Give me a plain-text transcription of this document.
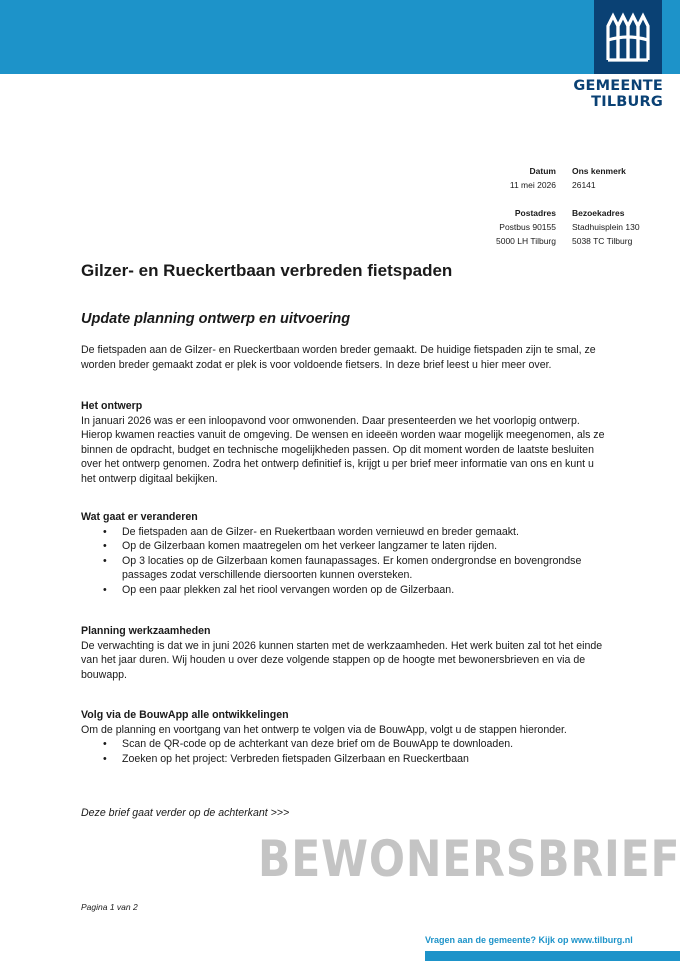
GEMEENTE TILBURG
Datum
11 mei 2026
Ons kenmerk
26141
Postadres
Postbus 90155
5000 LH Tilburg
Bezoekadres
Stadhuisplein 130
5038 TC Tilburg
Gilzer- en Rueckertbaan verbreden fietspaden
Update planning ontwerp en uitvoering

De fietspaden aan de Gilzer- en Rueckertbaan worden breder gemaakt. De huidige fietspaden zijn te smal, ze worden breder gemaakt zodat er plek is voor voldoende fietsers. In deze brief leest u hier meer over.

Het ontwerp
In januari 2026 was er een inloopavond voor omwonenden. Daar presenteerden we het voorlopig ontwerp. Hierop kwamen reacties vanuit de omgeving. De wensen en ideeën worden waar mogelijk meegenomen, als ze binnen de opdracht, budget en technische mogelijkheden passen. Op dit moment worden de laatste besluiten over het ontwerp genomen. Zodra het ontwerp definitief is, krijgt u per brief meer informatie van ons en kunt u het ontwerp digitaal bekijken.
Wat gaat er veranderen
• De fietspaden aan de Gilzer- en Ruekertbaan worden vernieuwd en breder gemaakt.
• Op de Gilzerbaan komen maatregelen om het verkeer langzamer te laten rijden.
• Op 3 locaties op de Gilzerbaan komen faunapassages. Er komen ondergrondse en bovengrondse passages zodat verschillende diersoorten kunnen oversteken.
• Op een paar plekken zal het riool vervangen worden op de Gilzerbaan.
Planning werkzaamheden
De verwachting is dat we in juni 2026 kunnen starten met de werkzaamheden. Het werk buiten zal tot het einde van het jaar duren. Wij houden u over deze volgende stappen op de hoogte met bewonersbrieven en via de bouwapp.
Volg via de BouwApp alle ontwikkelingen
Om de planning en voortgang van het ontwerp te volgen via de BouwApp, volgt u de stappen hieronder.
• Scan de QR-code op de achterkant van deze brief om de BouwApp te downloaden.
• Zoeken op het project: Verbreden fietspaden Gilzerbaan en Rueckertbaan
Deze brief gaat verder op de achterkant >>>
BEWONERSBRIEF
Pagina 1 van 2
Vragen aan de gemeente? Kijk op www.tilburg.nl
